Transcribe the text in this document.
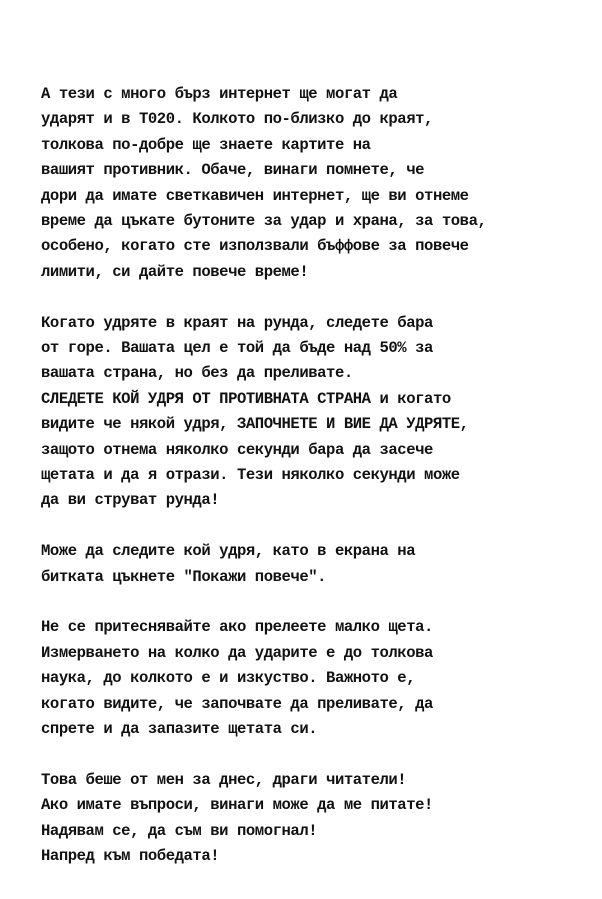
А тези с много бърз интернет ще могат да
ударят и в Т020. Колкото по-близко до краят,
толкова по-добре ще знаете картите на
вашият противник. Обаче, винаги помнете, че
дори да имате светкавичен интернет, ще ви отнеме
време да цъкате бутоните за удар и храна, за това,
особено, когато сте използвали бъффове за повече
лимити, си дайте повече време!
Когато удряте в краят на рунда, следете бара
от горе. Вашата цел е той да бъде над 50% за
вашата страна, но без да преливате.
СЛЕДЕТЕ КОЙ УДРЯ ОТ ПРОТИВНАТА СТРАНА и когато
видите че някой удря, ЗАПОЧНЕТЕ И ВИЕ ДА УДРЯТЕ,
защото отнема няколко секунди бара да засече
щетата и да я отрази. Тези няколко секунди може
да ви струват рунда!
Може да следите кой удря, като в екрана на
битката цъкнете "Покажи повече".
Не се притеснявайте ако прелеете малко щета.
Измерването на колко да ударите е до толкова
наука, до колкото е и изкуство. Важното е,
когато видите, че започвате да преливате, да
спрете и да запазите щетата си.
Това беше от мен за днес, драги читатели!
Ако имате въпроси, винаги може да ме питате!
Надявам се, да съм ви помогнал!
Напред към победата!
